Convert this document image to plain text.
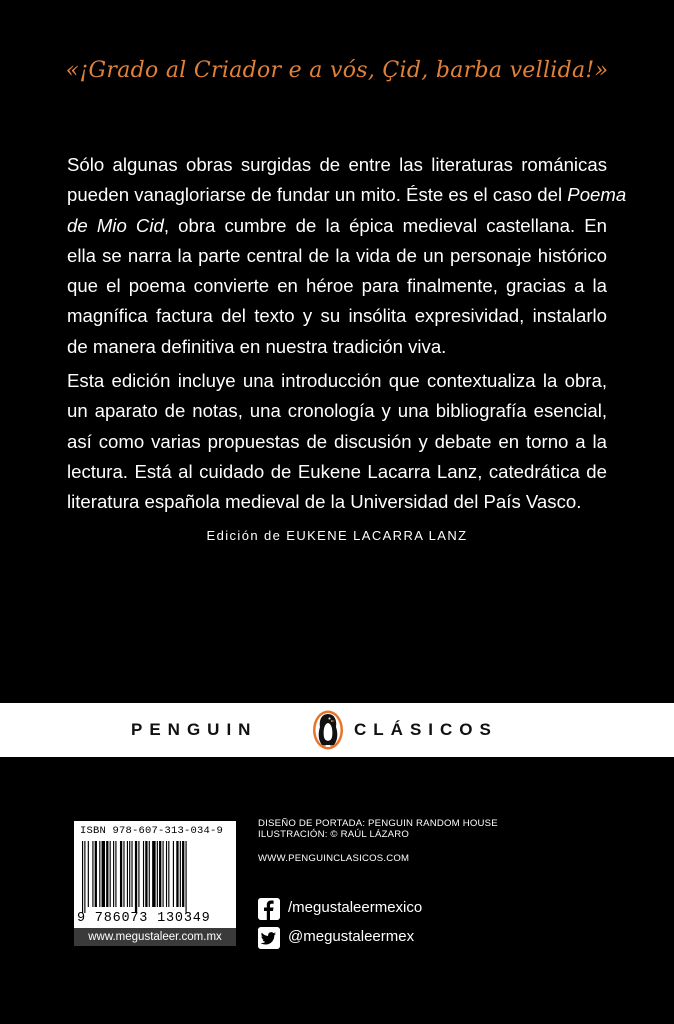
«¡Grado al Criador e a vós, Çid, barba vellida!»
Sólo algunas obras surgidas de entre las literaturas románicas
pueden vanagloriarse de fundar un mito. Éste es el caso del Poema
de Mio Cid, obra cumbre de la épica medieval castellana. En
ella se narra la parte central de la vida de un personaje histórico
que el poema convierte en héroe para finalmente, gracias a la
magnífica factura del texto y su insólita expresividad, instalarlo
de manera definitiva en nuestra tradición viva.
Esta edición incluye una introducción que contextualiza la obra,
un aparato de notas, una cronología y una bibliografía esencial,
así como varias propuestas de discusión y debate en torno a la
lectura. Está al cuidado de Eukene Lacarra Lanz, catedrática de
literatura española medieval de la Universidad del País Vasco.
Edición de EUKENE LACARRA LANZ
PENGUIN	CLÁSICOS
ISBN 978-607-313-034-9
9 786073 130349
www.megustaleer.com.mx
DISEÑO DE PORTADA: PENGUIN RANDOM HOUSE
ILUSTRACIÓN: © RAÚL LÁZARO
WWW.PENGUINCLASICOS.COM
/megustaleermexico
@megustaleermex
